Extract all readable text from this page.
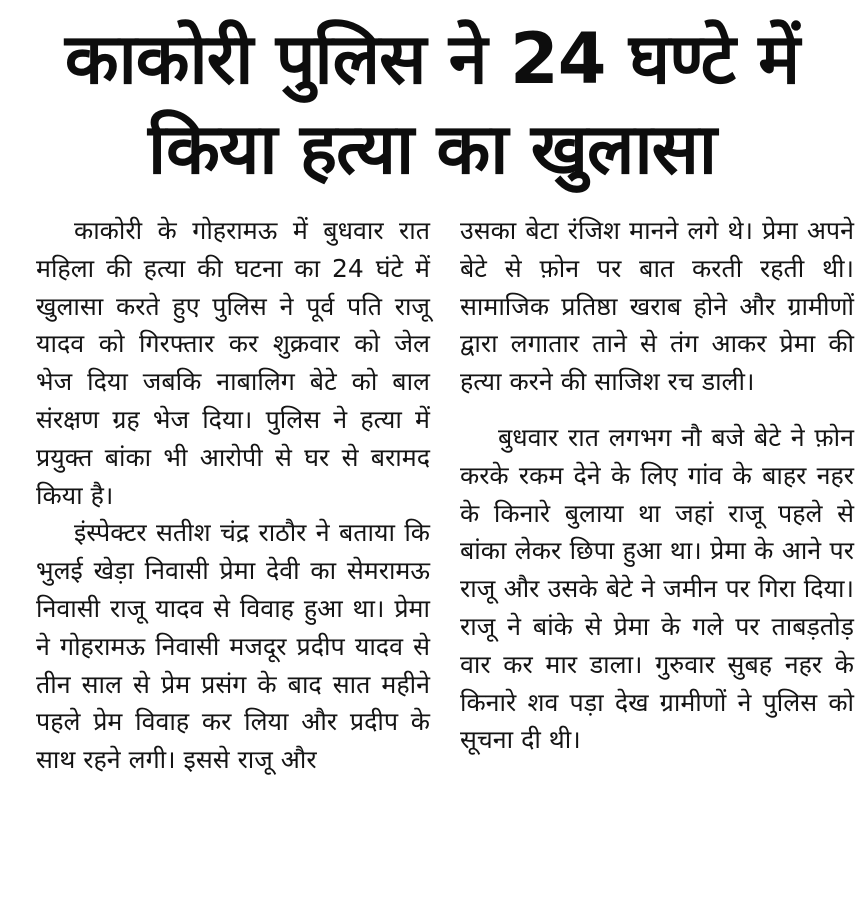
काकोरी पुलिस ने 24 घण्टे में
किया हत्या का खुलासा

काकोरी के गोहरामऊ में बुधवार रात महिला की हत्या की घटना का 24 घंटे में खुलासा करते हुए पुलिस ने पूर्व पति राजू यादव को गिरफ्तार कर शुक्रवार को जेल भेज दिया जबकि नाबालिग बेटे को बाल संरक्षण ग्रह भेज दिया। पुलिस ने हत्या में प्रयुक्त बांका भी आरोपी से घर से बरामद किया है।

इंस्पेक्टर सतीश चंद्र राठौर ने बताया कि भुलई खेड़ा निवासी प्रेमा देवी का सेमरामऊ निवासी राजू यादव से विवाह हुआ था। प्रेमा ने गोहरामऊ निवासी मजदूर प्रदीप यादव से तीन साल से प्रेम प्रसंग के बाद सात महीने पहले प्रेम विवाह कर लिया और प्रदीप के साथ रहने लगी। इससे राजू और

उसका बेटा रंजिश मानने लगे थे। प्रेमा अपने बेटे से फ़ोन पर बात करती रहती थी। सामाजिक प्रतिष्ठा खराब होने और ग्रामीणों द्वारा लगातार ताने से तंग आकर प्रेमा की हत्या करने की साजिश रच डाली।

बुधवार रात लगभग नौ बजे बेटे ने फ़ोन करके रकम देने के लिए गांव के बाहर नहर के किनारे बुलाया था जहां राजू पहले से बांका लेकर छिपा हुआ था। प्रेमा के आने पर राजू और उसके बेटे ने जमीन पर गिरा दिया। राजू ने बांके से प्रेमा के गले पर ताबड़तोड़ वार कर मार डाला। गुरुवार सुबह नहर के किनारे शव पड़ा देख ग्रामीणों ने पुलिस को सूचना दी थी।
